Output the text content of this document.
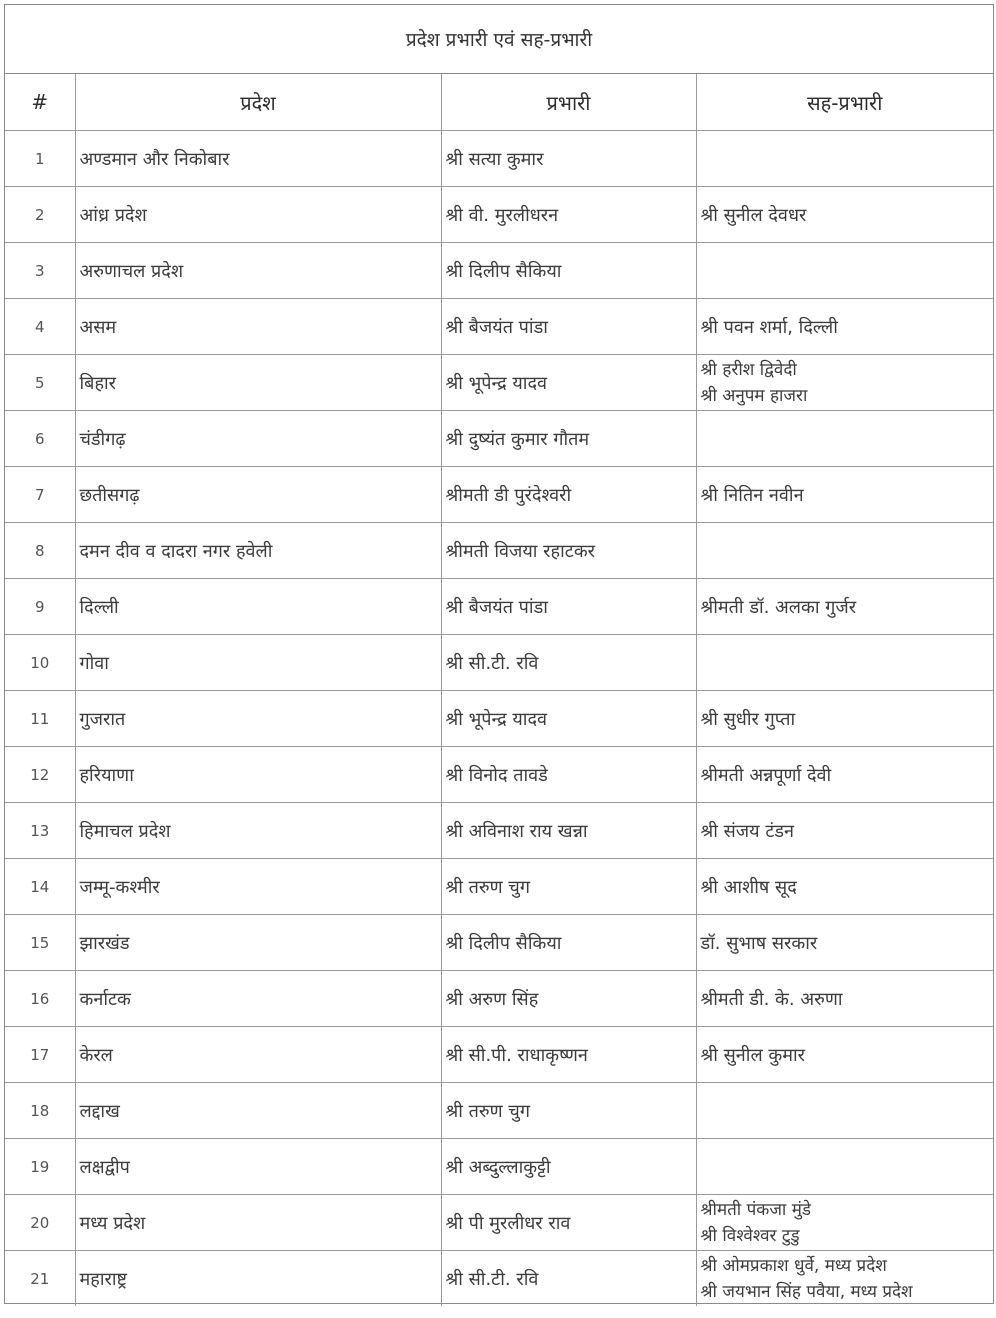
प्रदेश प्रभारी एवं सह-प्रभारी
#	प्रदेश	प्रभारी	सह-प्रभारी
1	अण्डमान और निकोबार	श्री सत्या कुमार	
2	आंध्र प्रदेश	श्री वी. मुरलीधरन	श्री सुनील देवधर

3	अरुणाचल प्रदेश	श्री दिलीप सैकिया	
4	असम	श्री बैजयंत पांडा	श्री पवन शर्मा, दिल्ली

5	बिहार	श्री भूपेन्द्र यादव	श्री हरीश द्विवेदी
श्री अनुपम हाजरा

6	चंडीगढ़	श्री दुष्यंत कुमार गौतम	
7	छतीसगढ़	श्रीमती डी पुरंदेश्वरी	श्री नितिन नवीन

8	दमन दीव व दादरा नगर हवेली	श्रीमती विजया रहाटकर	
9	दिल्ली	श्री बैजयंत पांडा	श्रीमती डॉ. अलका गुर्जर

10	गोवा	श्री सी.टी. रवि	
11	गुजरात	श्री भूपेन्द्र यादव	श्री सुधीर गुप्ता

12	हरियाणा	श्री विनोद तावडे	श्रीमती अन्नपूर्णा देवी

13	हिमाचल प्रदेश	श्री अविनाश राय खन्ना	श्री संजय टंडन

14	जम्मू-कश्मीर	श्री तरुण चुग	श्री आशीष सूद

15	झारखंड	श्री दिलीप सैकिया	डॉ. सुभाष सरकार

16	कर्नाटक	श्री अरुण सिंह	श्रीमती डी. के. अरुणा

17	केरल	श्री सी.पी. राधाकृष्णन	श्री सुनील कुमार

18	लद्दाख	श्री तरुण चुग	
19	लक्षद्वीप	श्री अब्दुल्लाकुट्टी	
20	मध्य प्रदेश	श्री पी मुरलीधर राव	श्रीमती पंकजा मुंडे
श्री विश्वेश्वर टुडु

21	महाराष्ट्र	श्री सी.टी. रवि	श्री ओमप्रकाश धुर्वे, मध्य प्रदेश
श्री जयभान सिंह पवैया, मध्य प्रदेश
